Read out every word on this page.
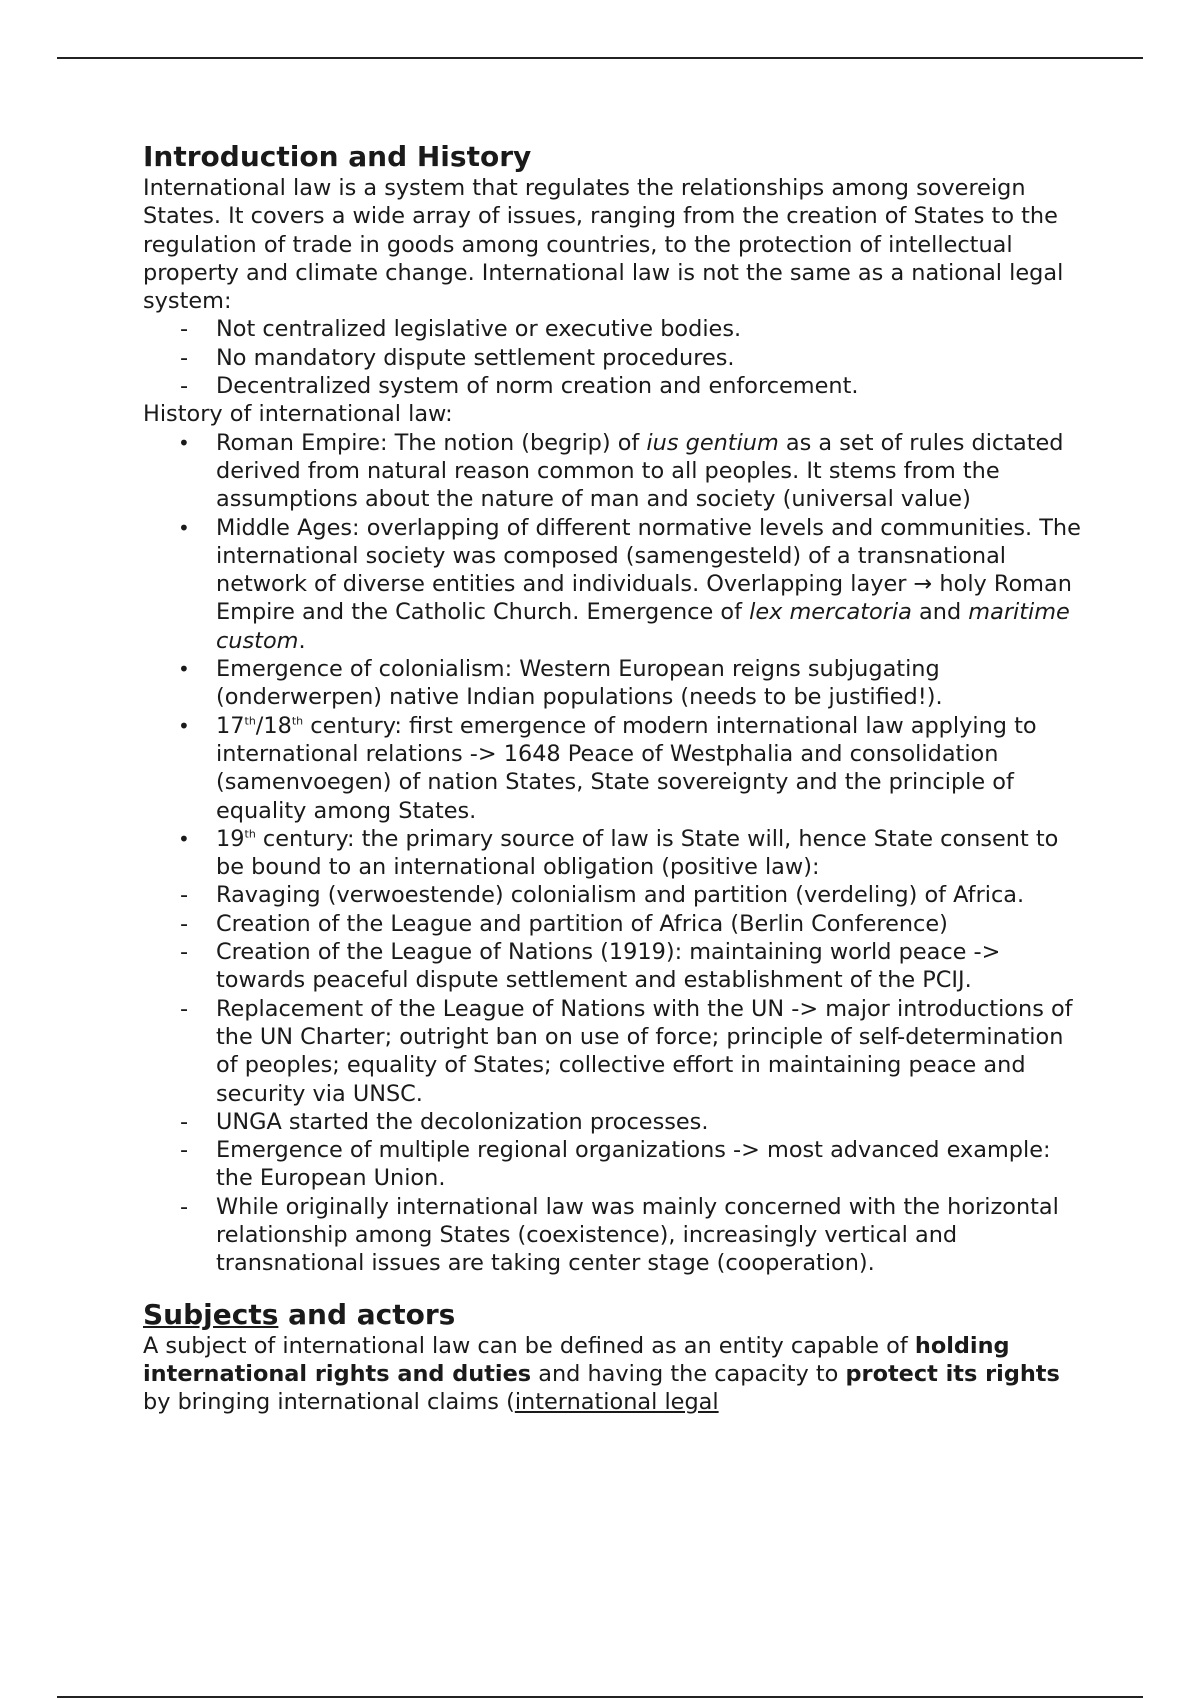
Introduction and History

International law is a system that regulates the relationships among sovereign States. It covers a wide array of issues, ranging from the creation of States to the regulation of trade in goods among countries, to the protection of intellectual property and climate change. International law is not the same as a national legal system:

- Not centralized legislative or executive bodies.
- No mandatory dispute settlement procedures.
- Decentralized system of norm creation and enforcement.

History of international law:

• Roman Empire: The notion (begrip) of ius gentium as a set of rules dictated derived from natural reason common to all peoples. It stems from the assumptions about the nature of man and society (universal value)
• Middle Ages: overlapping of different normative levels and communities. The international society was composed (samengesteld) of a transnational network of diverse entities and individuals. Overlapping layer → holy Roman Empire and the Catholic Church. Emergence of lex mercatoria and maritime custom.
• Emergence of colonialism: Western European reigns subjugating (onderwerpen) native Indian populations (needs to be justified!).
• 17th/18th century: first emergence of modern international law applying to international relations -> 1648 Peace of Westphalia and consolidation (samenvoegen) of nation States, State sovereignty and the principle of equality among States.
• 19th century: the primary source of law is State will, hence State consent to be bound to an international obligation (positive law):
- Ravaging (verwoestende) colonialism and partition (verdeling) of Africa.
- Creation of the League and partition of Africa (Berlin Conference)
- Creation of the League of Nations (1919): maintaining world peace -> towards peaceful dispute settlement and establishment of the PCIJ.
- Replacement of the League of Nations with the UN -> major introductions of the UN Charter; outright ban on use of force; principle of self-determination of peoples; equality of States; collective effort in maintaining peace and security via UNSC.
- UNGA started the decolonization processes.
- Emergence of multiple regional organizations -> most advanced example: the European Union.
- While originally international law was mainly concerned with the horizontal relationship among States (coexistence), increasingly vertical and transnational issues are taking center stage (cooperation).
Subjects and actors

A subject of international law can be defined as an entity capable of holding international rights and duties and having the capacity to protect its rights by bringing international claims (international legal
